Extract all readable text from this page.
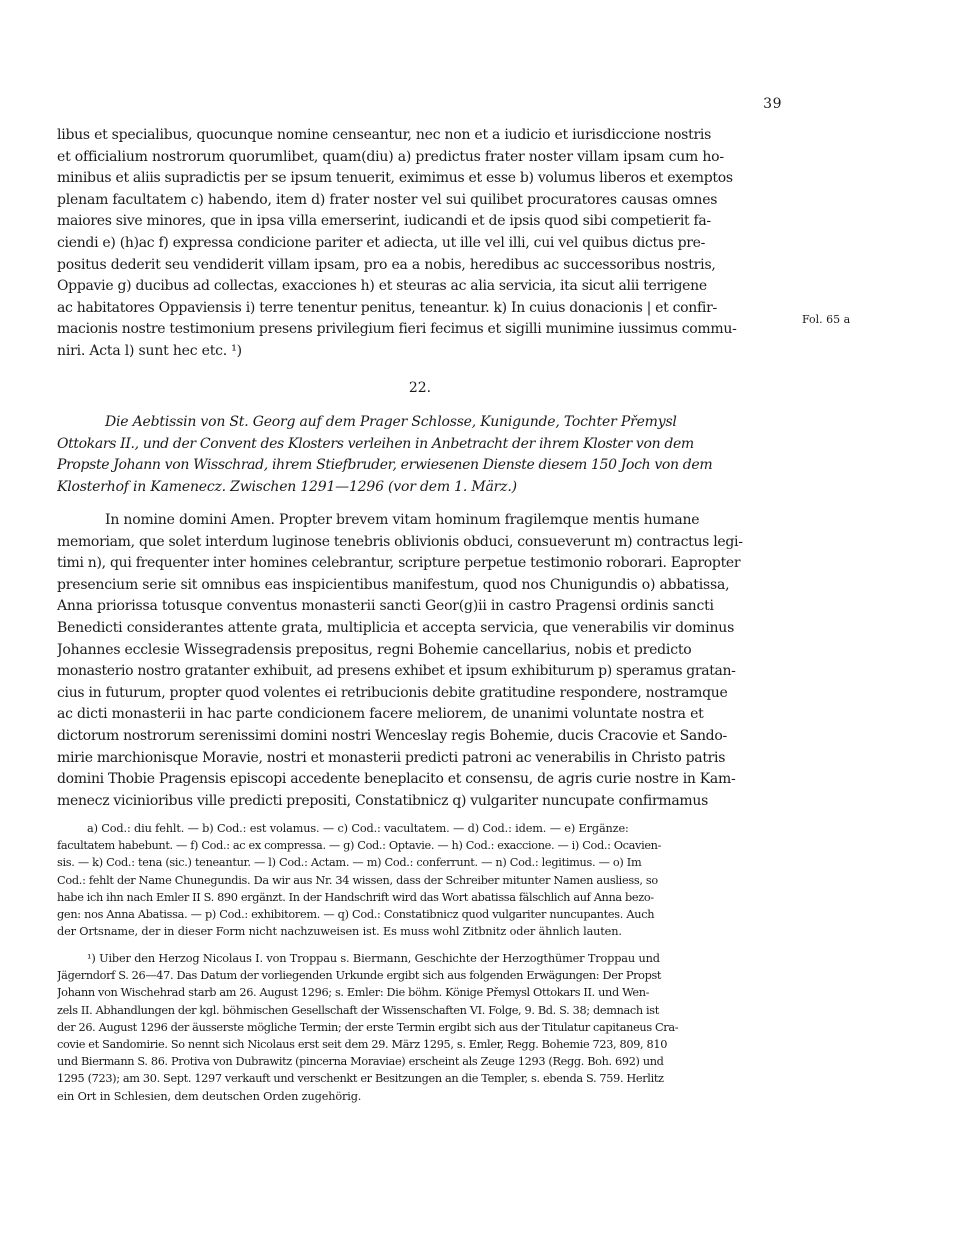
39
Fol. 65 a
libus et specialibus, quocunque nomine censeantur, nec non et a iudicio et iurisdiccione nostris
et officialium nostrorum quorumlibet, quam(diu) a) predictus frater noster villam ipsam cum ho-
minibus et aliis supradictis per se ipsum tenuerit, eximimus et esse b) volumus liberos et exemptos
plenam facultatem c) habendo, item d) frater noster vel sui quilibet procuratores causas omnes
maiores sive minores, que in ipsa villa emerserint, iudicandi et de ipsis quod sibi competierit fa-
ciendi e) (h)ac f) expressa condicione pariter et adiecta, ut ille vel illi, cui vel quibus dictus pre-
positus dederit seu vendiderit villam ipsam, pro ea a nobis, heredibus ac successoribus nostris,
Oppavie g) ducibus ad collectas, exacciones h) et steuras ac alia servicia, ita sicut alii terrigene
ac habitatores Oppaviensis i) terre tenentur penitus, teneantur. k) In cuius donacionis | et confir-
macionis nostre testimonium presens privilegium fieri fecimus et sigilli munimine iussimus commu-
niri. Acta l) sunt hec etc. ¹)
22.
Die Aebtissin von St. Georg auf dem Prager Schlosse, Kunigunde, Tochter Přemysl
Ottokars II., und der Convent des Klosters verleihen in Anbetracht der ihrem Kloster von dem
Propste Johann von Wisschrad, ihrem Stiefbruder, erwiesenen Dienste diesem 150 Joch von dem
Klosterhof in Kamenecz. Zwischen 1291—1296 (vor dem 1. März.)
In nomine domini Amen. Propter brevem vitam hominum fragilemque mentis humane
memoriam, que solet interdum luginose tenebris oblivionis obduci, consueverunt m) contractus legi-
timi n), qui frequenter inter homines celebrantur, scripture perpetue testimonio roborari. Eapropter
presencium serie sit omnibus eas inspicientibus manifestum, quod nos Chunigundis o) abbatissa,
Anna priorissa totusque conventus monasterii sancti Geor(g)ii in castro Pragensi ordinis sancti
Benedicti considerantes attente grata, multiplicia et accepta servicia, que venerabilis vir dominus
Johannes ecclesie Wissegradensis prepositus, regni Bohemie cancellarius, nobis et predicto
monasterio nostro gratanter exhibuit, ad presens exhibet et ipsum exhibiturum p) speramus gratan-
cius in futurum, propter quod volentes ei retribucionis debite gratitudine respondere, nostramque
ac dicti monasterii in hac parte condicionem facere meliorem, de unanimi voluntate nostra et
dictorum nostrorum serenissimi domini nostri Wenceslay regis Bohemie, ducis Cracovie et Sando-
mirie marchionisque Moravie, nostri et monasterii predicti patroni ac venerabilis in Christo patris
domini Thobie Pragensis episcopi accedente beneplacito et consensu, de agris curie nostre in Kam-
menecz vicinioribus ville predicti prepositi, Constatibnicz q) vulgariter nuncupate confirmamus
a) Cod.: diu fehlt. — b) Cod.: est volamus. — c) Cod.: vacultatem. — d) Cod.: idem. — e) Ergänze:
facultatem habebunt. — f) Cod.: ac ex compressa. — g) Cod.: Optavie. — h) Cod.: exaccione. — i) Cod.: Ocavien-
sis. — k) Cod.: tena (sic.) teneantur. — l) Cod.: Actam. — m) Cod.: conferrunt. — n) Cod.: legitimus. — o) Im
Cod.: fehlt der Name Chunegundis. Da wir aus Nr. 34 wissen, dass der Schreiber mitunter Namen ausliess, so
habe ich ihn nach Emler II S. 890 ergänzt. In der Handschrift wird das Wort abatissa fälschlich auf Anna bezo-
gen: nos Anna Abatissa. — p) Cod.: exhibitorem. — q) Cod.: Constatibnicz quod vulgariter nuncupantes. Auch
der Ortsname, der in dieser Form nicht nachzuweisen ist. Es muss wohl Zitbnitz oder ähnlich lauten.
¹) Uiber den Herzog Nicolaus I. von Troppau s. Biermann, Geschichte der Herzogthümer Troppau und
Jägerndorf S. 26—47. Das Datum der vorliegenden Urkunde ergibt sich aus folgenden Erwägungen: Der Propst
Johann von Wischehrad starb am 26. August 1296; s. Emler: Die böhm. Könige Přemysl Ottokars II. und Wen-
zels II. Abhandlungen der kgl. böhmischen Gesellschaft der Wissenschaften VI. Folge, 9. Bd. S. 38; demnach ist
der 26. August 1296 der äusserste mögliche Termin; der erste Termin ergibt sich aus der Titulatur capitaneus Cra-
covie et Sandomirie. So nennt sich Nicolaus erst seit dem 29. März 1295, s. Emler, Regg. Bohemie 723, 809, 810
und Biermann S. 86. Protiva von Dubrawitz (pincerna Moraviae) erscheint als Zeuge 1293 (Regg. Boh. 692) und
1295 (723); am 30. Sept. 1297 verkauft und verschenkt er Besitzungen an die Templer, s. ebenda S. 759. Herlitz
ein Ort in Schlesien, dem deutschen Orden zugehörig.
